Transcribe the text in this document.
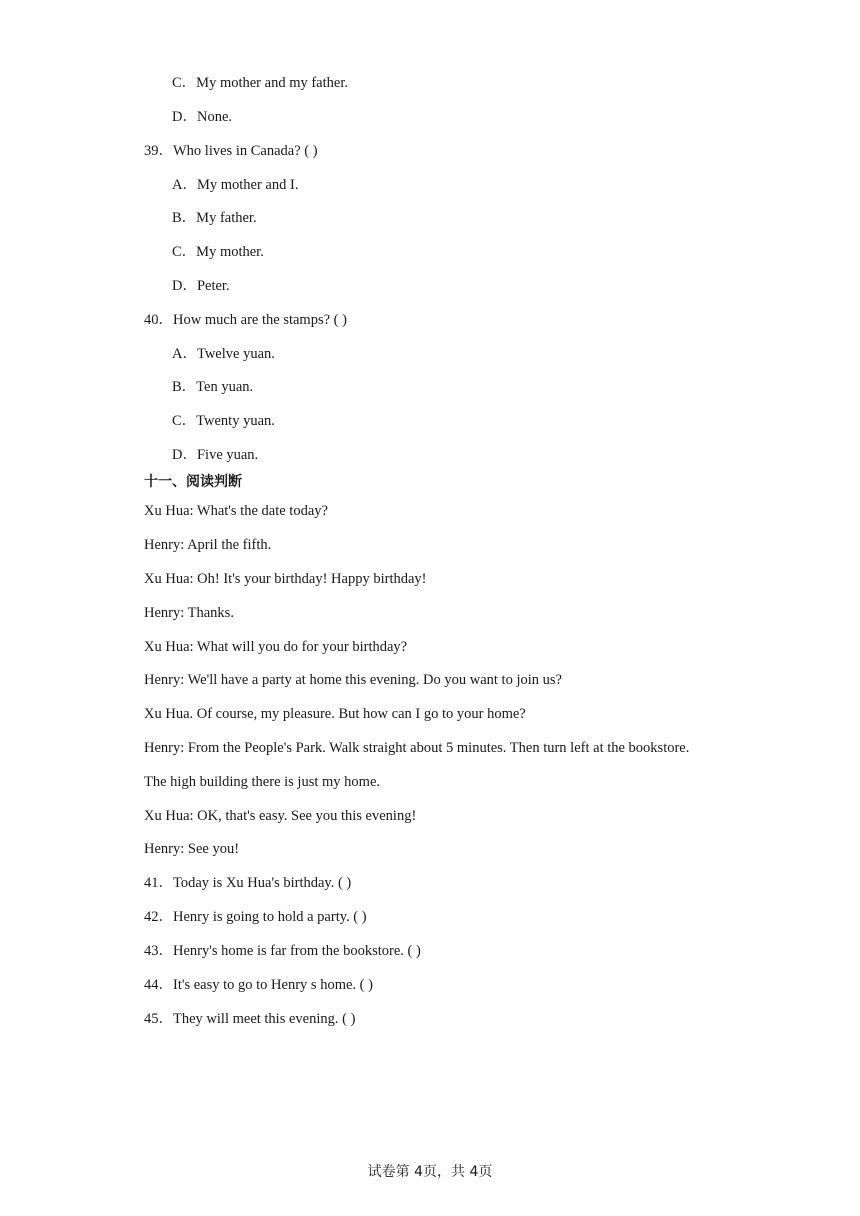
C．My mother and my father.
D．None.
39．Who lives in Canada? ( )
A．My mother and I.
B．My father.
C．My mother.
D．Peter.
40．How much are the stamps? ( )
A．Twelve yuan.
B．Ten yuan.
C．Twenty yuan.
D．Five yuan.
十一、阅读判断
Xu Hua: What's the date today?
Henry: April the fifth.
Xu Hua: Oh! It's your birthday! Happy birthday!
Henry: Thanks.
Xu Hua: What will you do for your birthday?
Henry: We'll have a party at home this evening. Do you want to join us?
Xu Hua. Of course, my pleasure. But how can I go to your home?
Henry: From the People's Park. Walk straight about 5 minutes. Then turn left at the bookstore.
The high building there is just my home.
Xu Hua: OK, that's easy. See you this evening!
Henry: See you!
41．Today is Xu Hua's birthday. ( )
42．Henry is going to hold a party. ( )
43．Henry's home is far from the bookstore. ( )
44．It's easy to go to Henry s home. ( )
45．They will meet this evening. ( )
试卷第 4页，共 4页
